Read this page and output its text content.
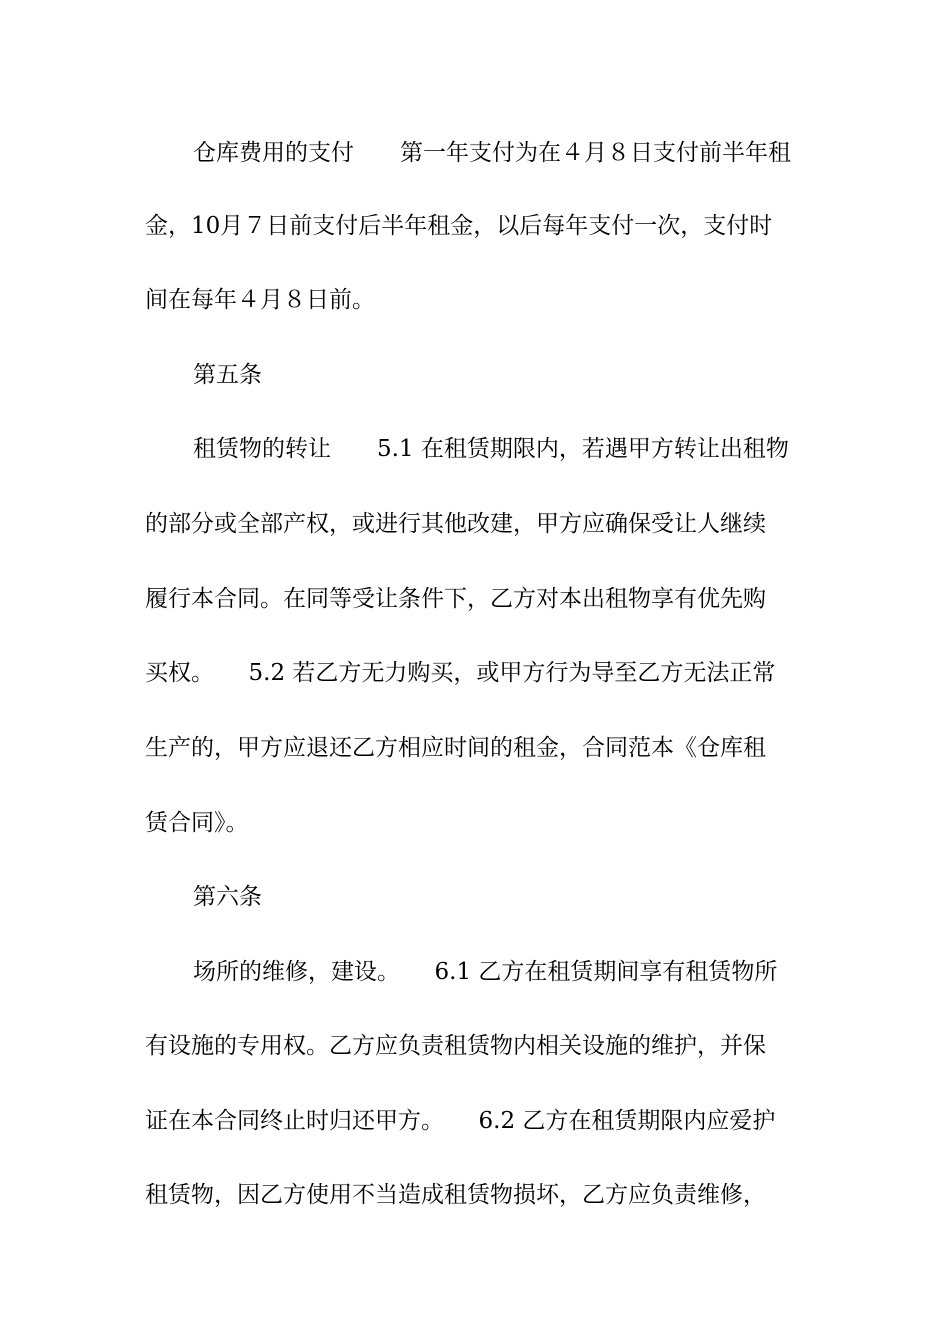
仓库费用的支付　　第一年支付为在４月８日支付前半年租
金，10月７日前支付后半年租金，以后每年支付一次，支付时
间在每年４月８日前。
第五条
租赁物的转让　　5.1 在租赁期限内，若遇甲方转让出租物
的部分或全部产权，或进行其他改建，甲方应确保受让人继续
履行本合同。在同等受让条件下，乙方对本出租物享有优先购
买权。　　5.2 若乙方无力购买，或甲方行为导至乙方无法正常
生产的，甲方应退还乙方相应时间的租金，合同范本《仓库租
赁合同》。
第六条
场所的维修，建设。　　6.1 乙方在租赁期间享有租赁物所
有设施的专用权。乙方应负责租赁物内相关设施的维护，并保
证在本合同终止时归还甲方。　　6.2 乙方在租赁期限内应爱护
租赁物，因乙方使用不当造成租赁物损坏，乙方应负责维修，
